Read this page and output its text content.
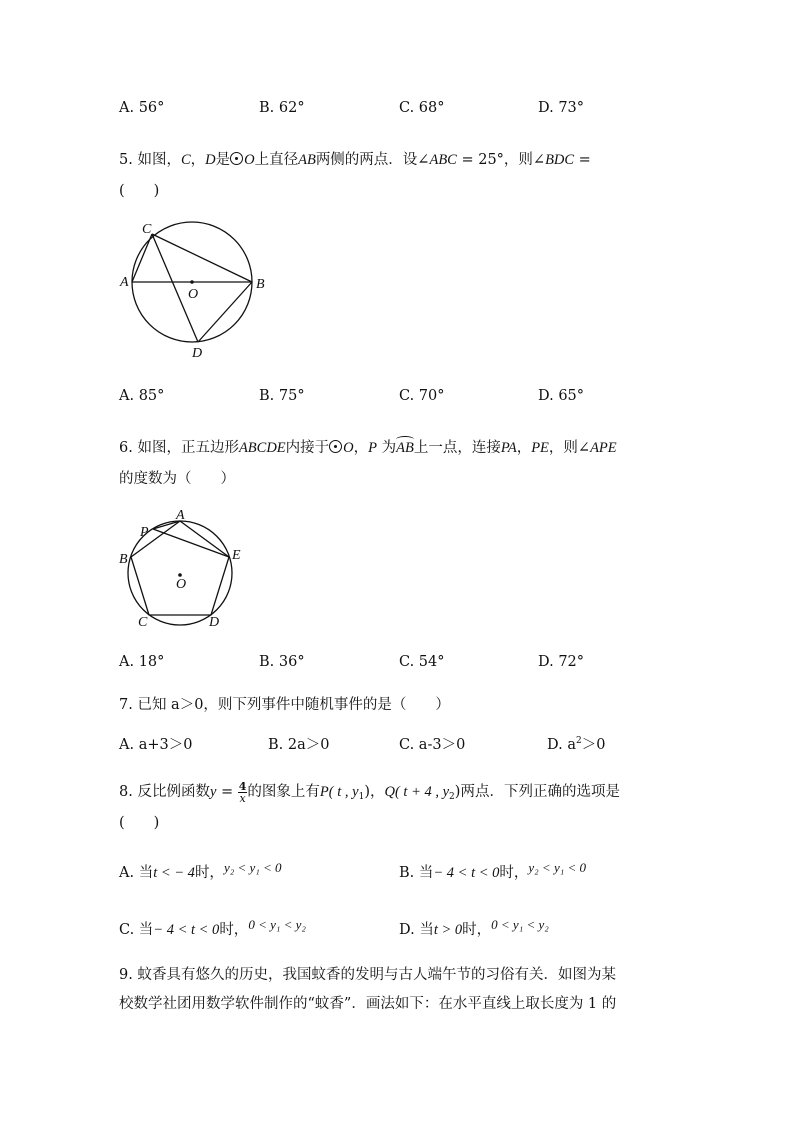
A. 56°	B. 62°	C. 68°	D. 73°
5. 如图，C，D是 O上直径AB两侧的两点．设∠ABC = 25°，则∠BDC =
(　　)
C
A	B
O
D
A. 85°	B. 75°	C. 70°	D. 65°
6. 如图，正五边形ABCDE内接于 O，P 为AB上一点，连接PA，PE，则∠APE
的度数为（　　）
A
P
B	E
O
C	D
A. 18°	B. 36°	C. 54°	D. 72°
7. 已知 a＞0，则下列事件中随机事件的是（　　）
A. a+3＞0	B. 2a＞0	C. a-3＞0	D. $a^2>0$
8. 反比例函数$y = \frac{4}{x}$ 的图象上有P( t , $y_1$)，Q( t + 4 , $y_2$)两点．下列正确的选项是
(　　)
A. 当t < − 4时，y₂ < y₁ < 0	B. 当− 4 < t < 0时，y₂ < y₁ < 0
C. 当− 4 < t < 0时，0 < y₁ < y₂	D. 当t > 0时，0 < y₁ < y₂
9. 蚊香具有悠久的历史，我国蚊香的发明与古人端午节的习俗有关．如图为某
校数学社团用数学软件制作的“蚊香”．画法如下：在水平直线上取长度为 1 的
